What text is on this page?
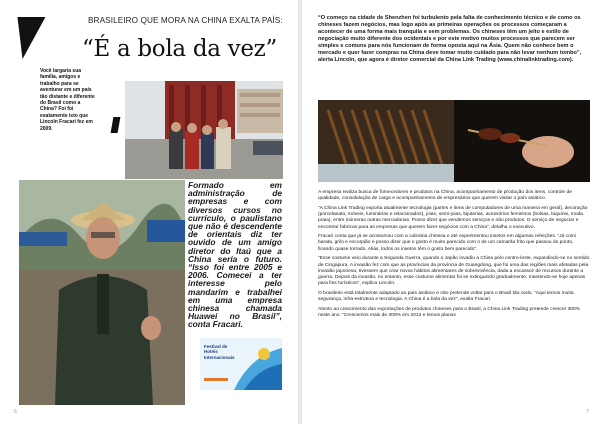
BRASILEIRO QUE MORA NA CHINA EXALTA PAÍS:
“É a bola da vez”
Você largaria sua família, amigos e trabalho para se aventurar em um país tão distante e diferente do Brasil como a China? Foi foi exatamente isto que Lincoln Fracari fez em 2009.
Formado em administração de empresas e com diversos cursos no currículo, o paulistano que não é descendente de orientais diz ter ouvido de um amigo diretor do Itaú que a China seria o futuro. “Isso foi entre 2005 e 2006. Comecei a ter interesse pelo mandarim e trabalhei em uma empresa chinesa chamada Huawei no Brasil”, conta Fracari.
Festival de Hotéis Internacionais
6
“O começo na cidade de Shenzhen foi turbulento pela falta de conhecimento técnico e de como os chineses fazem negócios, mas logo após as primeiras operações os processos começaram a acontecer de uma forma mais tranquila e sem problemas. Os chineses têm um jeito e estilo de negociação muito diferente dos ocidentais e por este motivo muitos processos que parecem ser simples e comuns para nós funcionam de forma oposta aqui na Ásia. Quem não conhece bem o mercado e quer fazer compras na China deve tomar muito cuidado para não levar nenhum tombo”, alerta Lincoln, que agora é diretor comercial da China Link Trading (www.chinalinktrading.com).

A empresa realiza busca de fornecedores e produtos na China, acompanhamento de produção dos itens, controle de qualidade, consolidação de carga e acompanhamento de empresários que querem visitar o país asiático.

“A China Link Trading exporta atualmente tecnologia (partes e itens de computadores de uma maneira em geral), decoração (porcelanato, móveis, luminárias e relacionados), joias, semi-joias, bijuterias, acessórios femininos (bolsas, biquínis, moda praia), entre inúmeras outras mercadorias. Posso dizer que vendemos serviços e não produtos. O serviço de negociar e encontrar fabricas para as empresas que querem fazer negócios com a China”, detalha o executivo.

Fracari conta que já se acostumou com a culinária chinesa e até experimentou insetos em algumas refeições. “Já comi barata, grilo e escorpião e posso dizer que o gosto é muito parecido com o de um camarão frito que passou do ponto, ficando quase torrado. Aliás, todos os insetos têm o gosto bem parecido”.

“Esse costume veio durante a Segunda Guerra, quando o Japão invadiu a China pelo centro-leste, expandindo-se no sentido de Cingapura. A invasão fez com que as províncias da província de Guangdong, que foi uma das regiões mais afetadas pela invasão japonesa, tivessem que criar novos hábitos alimentares de sobrevivência, dada a escassez de recursos durante a guerra. Depois da invasão, no entanto, esse costume alimentar foi se extinguindo gradualmente, mantendo-se hoje apenas para fins turísticos”, explica Lincoln.

O brasileiro está totalmente adaptado ao país asiático e não pretende voltar para o Brasil tão cedo. “Aqui temos muita segurança, infra-estrutura e tecnologia. A China é a bola da vez”, exalta Fracari.

Atento ao crescimento das exportações de produtos chineses para o Brasil, a China Link Trading pretende crescer 300% neste ano. “Crescemos mais de 300% em 2012 e temos planos

7
